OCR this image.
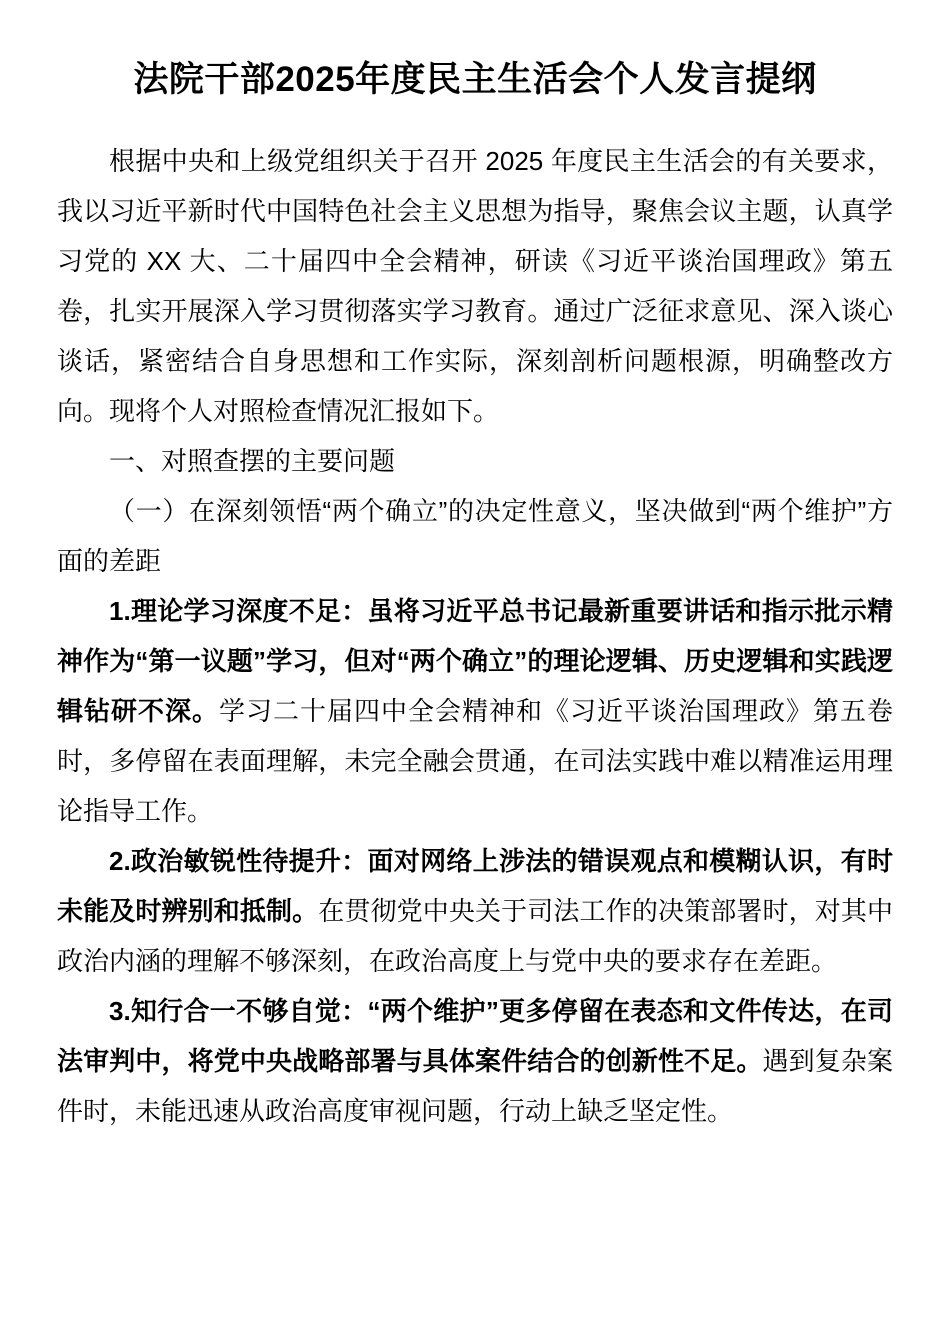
法院干部2025年度民主生活会个人发言提纲

根据中央和上级党组织关于召开 2025 年度民主生活会的有关要求，我以习近平新时代中国特色社会主义思想为指导，聚焦会议主题，认真学习党的 XX 大、二十届四中全会精神，研读《习近平谈治国理政》第五卷，扎实开展深入学习贯彻落实学习教育。通过广泛征求意见、深入谈心谈话，紧密结合自身思想和工作实际，深刻剖析问题根源，明确整改方向。现将个人对照检查情况汇报如下。

一、对照查摆的主要问题

（一）在深刻领悟“两个确立”的决定性意义，坚决做到“两个维护”方面的差距

1.理论学习深度不足：虽将习近平总书记最新重要讲话和指示批示精神作为“第一议题”学习，但对“两个确立”的理论逻辑、历史逻辑和实践逻辑钻研不深。学习二十届四中全会精神和《习近平谈治国理政》第五卷时，多停留在表面理解，未完全融会贯通，在司法实践中难以精准运用理论指导工作。

2.政治敏锐性待提升：面对网络上涉法的错误观点和模糊认识，有时未能及时辨别和抵制。在贯彻党中央关于司法工作的决策部署时，对其中政治内涵的理解不够深刻，在政治高度上与党中央的要求存在差距。

3.知行合一不够自觉：“两个维护”更多停留在表态和文件传达，在司法审判中，将党中央战略部署与具体案件结合的创新性不足。遇到复杂案件时，未能迅速从政治高度审视问题，行动上缺乏坚定性。
